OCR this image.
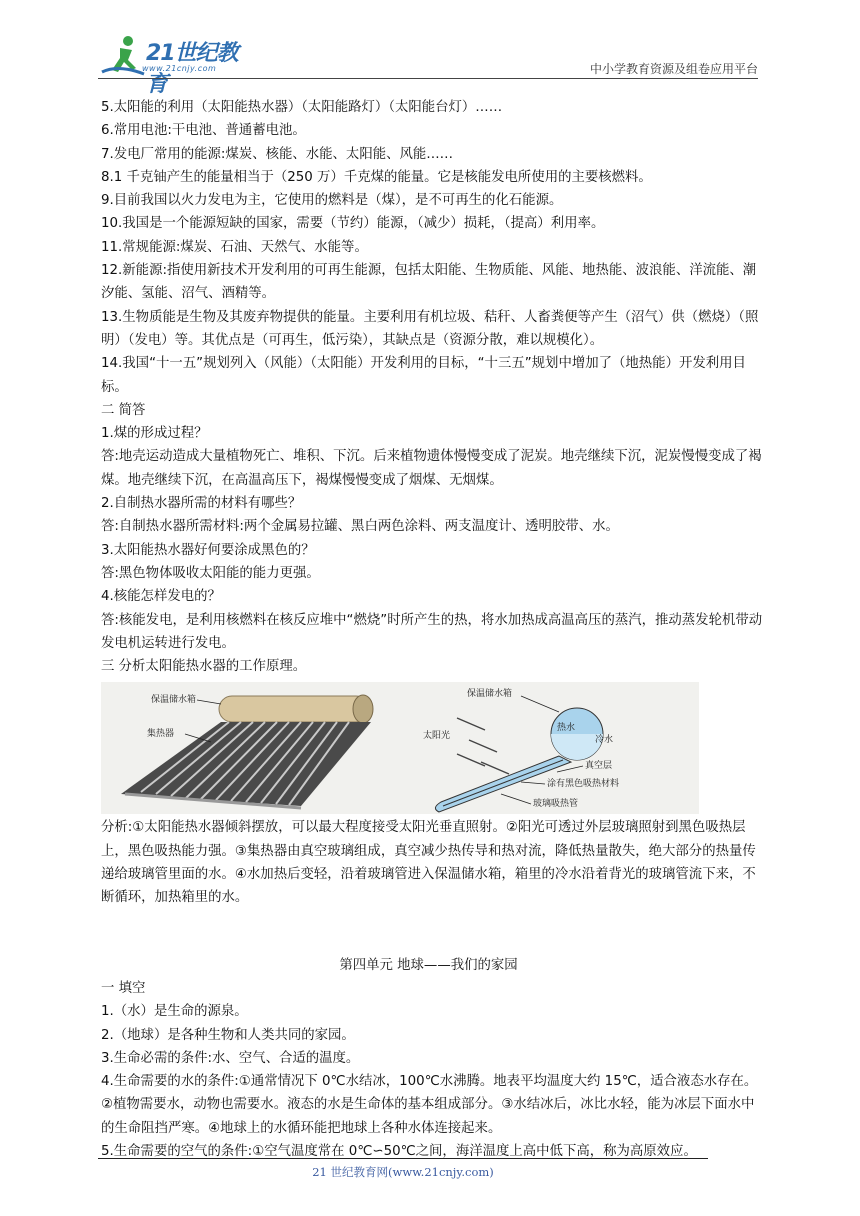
21世纪教育
www.21cnjy.com	中小学教育资源及组卷应用平台

5.太阳能的利用（太阳能热水器）（太阳能路灯）（太阳能台灯）……

6.常用电池:干电池、普通蓄电池。

7.发电厂常用的能源:煤炭、核能、水能、太阳能、风能……

8.1 千克铀产生的能量相当于（250 万）千克煤的能量。它是核能发电所使用的主要核燃料。

9.目前我国以火力发电为主，它使用的燃料是（煤），是不可再生的化石能源。

10.我国是一个能源短缺的国家，需要（节约）能源，（减少）损耗，（提高）利用率。

11.常规能源:煤炭、石油、天然气、水能等。

12.新能源:指使用新技术开发利用的可再生能源，包括太阳能、生物质能、风能、地热能、波浪能、洋流能、潮汐能、氢能、沼气、酒精等。

13.生物质能是生物及其废弃物提供的能量。主要利用有机垃圾、秸秆、人畜粪便等产生（沼气）供（燃烧）（照明）（发电）等。其优点是（可再生，低污染），其缺点是（资源分散，难以规模化）。

14.我国“十一五”规划列入（风能）（太阳能）开发利用的目标，“十三五”规划中增加了（地热能）开发利用目标。

二 简答

1.煤的形成过程？

答:地壳运动造成大量植物死亡、堆积、下沉。后来植物遗体慢慢变成了泥炭。地壳继续下沉，泥炭慢慢变成了褐煤。地壳继续下沉，在高温高压下，褐煤慢慢变成了烟煤、无烟煤。

2.自制热水器所需的材料有哪些？

答:自制热水器所需材料:两个金属易拉罐、黑白两色涂料、两支温度计、透明胶带、水。

3.太阳能热水器好何要涂成黑色的？

答:黑色物体吸收太阳能的能力更强。

4.核能怎样发电的？

答:核能发电，是利用核燃料在核反应堆中“燃烧”时所产生的热，将水加热成高温高压的蒸汽，推动蒸发轮机带动发电机运转进行发电。

三 分析太阳能热水器的工作原理。

保温储水箱
集热器
保温储水箱
太阳光
热水
冷水
真空层
涂有黑色吸热材料
玻璃吸热管

分析:①太阳能热水器倾斜摆放，可以最大程度接受太阳光垂直照射。②阳光可透过外层玻璃照射到黑色吸热层上，黑色吸热能力强。③集热器由真空玻璃组成，真空减少热传导和热对流，降低热量散失，绝大部分的热量传递给玻璃管里面的水。④水加热后变轻，沿着玻璃管进入保温储水箱，箱里的冷水沿着背光的玻璃管流下来，不断循环，加热箱里的水。

第四单元 地球——我们的家园

一 填空

1.（水）是生命的源泉。

2.（地球）是各种生物和人类共同的家园。

3.生命必需的条件:水、空气、合适的温度。

4.生命需要的水的条件:①通常情况下 0℃水结冰，100℃水沸腾。地表平均温度大约 15℃，适合液态水存在。②植物需要水，动物也需要水。液态的水是生命体的基本组成部分。③水结冰后，冰比水轻，能为冰层下面水中的生命阻挡严寒。④地球上的水循环能把地球上各种水体连接起来。

5.生命需要的空气的条件:①空气温度常在 0℃∽50℃之间，海洋温度上高中低下高，称为高原效应。

21 世纪教育网(www.21cnjy.com)
